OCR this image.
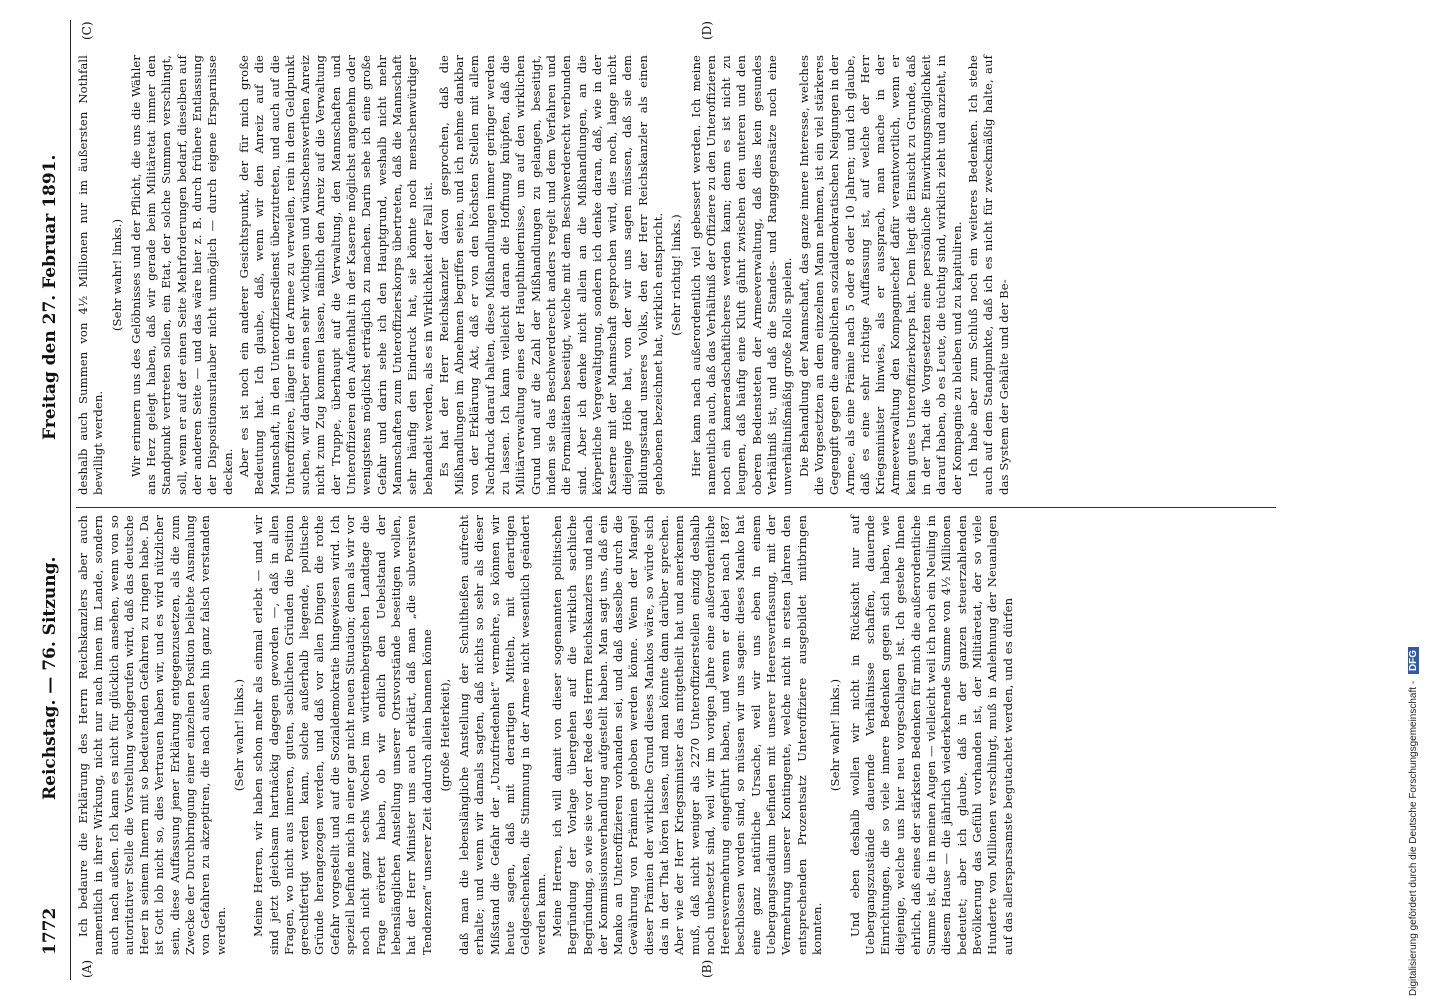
1772
Reichstag. — 76. Sitzung.
Freitag den 27. Februar 1891.
(A)	(B)
(C)	(D)

Ich bedaure die Erklärung des Herrn Reichskanzlers aber auch namentlich in ihrer Wirkung, nicht nur nach innen im Lande, sondern auch nach außen. Ich kann es nicht für glücklich ansehen, wenn von so autoritativer Stelle die Vorstellung wachgerufen wird, daß das deutsche Heer in seinem Innern mit so bedeutenden Gefahren zu ringen habe. Da ist Gott lob nicht so, dies Vertrauen haben wir, und es wird nützlicher sein, diese Auffassung jener Erklärung entgegenzusetzen, als die zum Zwecke der Durchbringung einer einzelnen Position beliebte Ausmalung von Gefahren zu akzeptiren, die nach außen hin ganz falsch verstanden werden.

(Sehr wahr! links.) Meine Herren, wir haben schon mehr als einmal erlebt — und wir sind jetzt gleichsam hartnäckig dagegen geworden —, daß in allen Fragen, wo nicht aus inneren, guten, sachlichen Gründen die Position gerechtfertigt werden kann, solche außerhalb liegende, politische Gründe herangezogen werden, und daß vor allen Dingen die rothe Gefahr vorgestellt und auf die Sozialdemokratie hingewiesen wird. Ich speziell befinde mich in einer gar nicht neuen Situation; denn als wir vor noch nicht ganz sechs Wochen im württembergischen Landtage die Frage erörtert haben, ob wir endlich den Uebelstand der lebenslänglichen Anstellung unserer Ortsvorstände beseitigen wollen, hat der Herr Minister uns auch erklärt, daß man „die subversiven Tendenzen“ unserer Zeit dadurch allein bannen könne (große Heiterkeit), daß man die lebenslängliche Anstellung der Schultheißen aufrecht erhalte; und wenn wir damals sagten, daß nichts so sehr als dieser Mißstand die Gefahr der „Unzufriedenheit“ vermehre, so können wir heute sagen, daß mit derartigen Mitteln, mit derartigen Geldgeschenken, die Stimmung in der Armee nicht wesentlich geändert werden kann. Meine Herren, ich will damit von dieser sogenannten politischen Begründung der Vorlage übergehen auf die wirklich sachliche Begründung, so wie sie vor der Rede des Herrn Reichskanzlers und nach der Kommissionsverhandlung aufgestellt haben. Man sagt uns, daß ein Manko an Unteroffizieren vorhanden sei, und daß dasselbe durch die Gewährung von Prämien gehoben werden könne. Wenn der Mangel dieser Prämien der wirkliche Grund dieses Mankos wäre, so würde sich das in der That hören lassen, und man könnte dann darüber sprechen. Aber wie der Herr Kriegsminister das mitgetheilt hat und anerkennen muß, daß nicht weniger als 2270 Unteroffizierstellen einzig deshalb noch unbesetzt sind, weil wir im vorigen Jahre eine außerordentliche Heeresvermehrung eingeführt haben, und wenn er dabei nach 1887 beschlossen worden sind, so müssen wir uns sagen: dieses Manko hat eine ganz natürliche Ursache, weil wir uns eben in einem Uebergangsstadium befinden mit unserer Heeresverfassung, mit der Vermehrung unserer Kontingente, welche nicht in ersten Jahren den entsprechenden Prozentsatz Unteroffiziere ausgebildet mitbringen konnten.

(Sehr wahr! links.) Und eben deshalb wollen wir nicht in Rücksicht nur auf Uebergangszustände dauernde Verhältnisse schaffen, dauernde Einrichtungen, die so viele innere Bedenken gegen sich haben, wie diejenige, welche uns hier neu vorgeschlagen ist. Ich gestehe Ihnen ehrlich, daß eines der stärksten Bedenken für mich die außerordentliche Summe ist, die in meinen Augen — vielleicht weil ich noch ein Neuling in diesem Hause — die jährlich wiederkehrende Summe von 4½ Millionen bedeutet; aber ich glaube, daß in der ganzen steuerzahlenden Bevölkerung das Gefühl vorhanden ist, der Militäretat, der so viele Hunderte von Millionen verschlingt, muß in Anlehnung der Neuanlagen auf das allersparsamste begutachtet werden, und es dürfen

deshalb auch Summen von 4½ Millionen nur im äußersten Nothfall bewilligt werden.

(Sehr wahr! links.) Wir erinnern uns des Gelöbnisses und der Pflicht, die uns die Wähler ans Herz gelegt haben, daß wir gerade beim Militäretat immer den Standpunkt vertreten sollen, ein Etat, der solche Summen verschlingt, soll, wenn er auf der einen Seite Mehrforderungen bedarf, dieselben auf der anderen Seite — und das wäre hier z. B. durch frühere Entlassung der Dispositionsurlauber nicht unmöglich — durch eigene Ersparnisse decken. Aber es ist noch ein anderer Gesichtspunkt, der für mich große Bedeutung hat. Ich glaube, daß, wenn wir den Anreiz auf die Mannschaft, in den Unteroffiziersdienst überzutreten, und auch auf die Unteroffiziere, länger in der Armee zu verweilen, rein in dem Geldpunkt suchen, wir darüber einen sehr wichtigen und wünschenswerthen Anreiz nicht zum Zug kommen lassen, nämlich den Anreiz auf die Verwaltung der Truppe, überhaupt auf die Verwaltung, den Mannschaften und Unteroffizieren den Aufenthalt in der Kaserne möglichst angenehm oder wenigstens möglichst erträglich zu machen. Darin sehe ich eine große Gefahr und darin sehe ich den Hauptgrund, weshalb nicht mehr Mannschaften zum Unteroffizierskorps übertreten, daß die Mannschaft sehr häufig den Eindruck hat, sie könnte noch menschenwürdiger behandelt werden, als es in Wirklichkeit der Fall ist. Es hat der Herr Reichskanzler davon gesprochen, daß die Mißhandlungen im Abnehmen begriffen seien, und ich nehme dankbar von der Erklärung Akt, daß er von den höchsten Stellen mit allem Nachdruck darauf halten, diese Mißhandlungen immer geringer werden zu lassen. Ich kann vielleicht daran die Hoffnung knüpfen, daß die Militärverwaltung eines der Haupthindernisse, um auf den wirklichen Grund und auf die Zahl der Mißhandlungen zu gelangen, beseitigt, indem sie das Beschwerderecht anders regelt und dem Verfahren und die Formalitäten beseitigt, welche mit dem Beschwerderecht verbunden sind. Aber ich denke nicht allein an die Mißhandlungen, an die körperliche Vergewaltigung, sondern ich denke daran, daß, wie in der Kaserne mit der Mannschaft gesprochen wird, dies noch, lange nicht diejenige Höhe hat, von der wir uns sagen müssen, daß sie dem Bildungsstand unseres Volks, den der Herr Reichskanzler als einen gehobenen bezeichnet hat, wirklich entspricht. (Sehr richtig! links.) Hier kann nach außerordentlich viel gebessert werden. Ich meine namentlich auch, daß das Verhältniß der Offiziere zu den Unteroffizieren noch ein kameradschaftlicheres werden kann; denn es ist nicht zu leugnen, daß häufig eine Kluft gähnt zwischen den unteren und den oberen Bediensteten der Armeeverwaltung, daß dies kein gesundes Verhältniß ist, und daß die Standes- und Ranggegensätze noch eine unverhältnißmäßig große Rolle spielen. Die Behandlung der Mannschaft, das ganze innere Interesse, welches die Vorgesetzten an dem einzelnen Mann nehmen, ist ein viel stärkeres Gegengift gegen die angeblichen sozialdemokratischen Neigungen in der Armee, als eine Prämie nach 5 oder 8 oder 10 Jahren; und ich glaube, daß es eine sehr richtige Auffassung ist, auf welche der Herr Kriegsminister hinwies, als er aussprach, man mache in der Armeeverwaltung den Kompagniechef dafür verantwortlich, wenn er kein gutes Unteroffizierkorps hat. Dem liegt die Einsicht zu Grunde, daß in der That die Vorgesetzten eine persönliche Einwirkungsmöglichkeit darauf haben, ob es Leute, die tüchtig sind, wirklich zieht und anzieht, in der Kompagnie zu bleiben und zu kapituliren. Ich habe aber zum Schluß noch ein weiteres Bedenken. Ich stehe auch auf dem Standpunkte, daß ich es nicht für zweckmäßig halte, auf das System der Gehälte und der Be-

Digitalisierung gefördert durch die Deutsche Forschungsgemeinschaft - DFG
